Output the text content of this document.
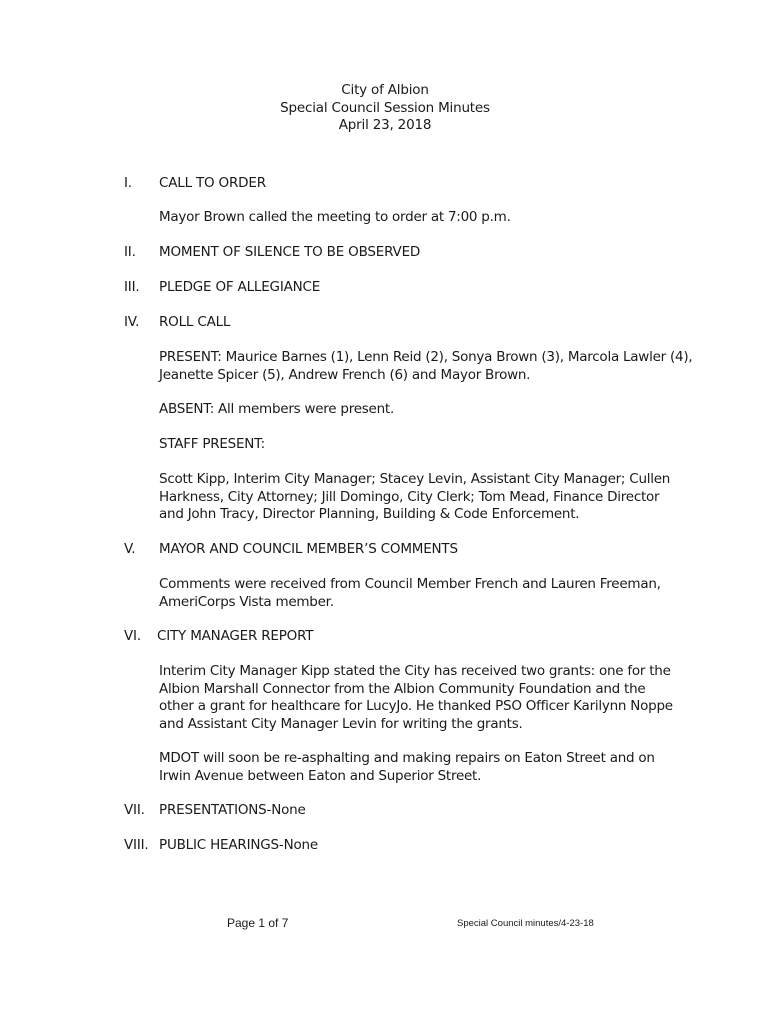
City of Albion
Special Council Session Minutes
April 23, 2018
I. CALL TO ORDER
Mayor Brown called the meeting to order at 7:00 p.m.
II. MOMENT OF SILENCE TO BE OBSERVED
III. PLEDGE OF ALLEGIANCE
IV. ROLL CALL
PRESENT: Maurice Barnes (1), Lenn Reid (2), Sonya Brown (3), Marcola Lawler (4),
Jeanette Spicer (5), Andrew French (6) and Mayor Brown.
ABSENT: All members were present.
STAFF PRESENT:
Scott Kipp, Interim City Manager; Stacey Levin, Assistant City Manager; Cullen
Harkness, City Attorney; Jill Domingo, City Clerk; Tom Mead, Finance Director
and John Tracy, Director Planning, Building & Code Enforcement.
V. MAYOR AND COUNCIL MEMBER’S COMMENTS
Comments were received from Council Member French and Lauren Freeman,
AmeriCorps Vista member.
VI. CITY MANAGER REPORT
Interim City Manager Kipp stated the City has received two grants: one for the
Albion Marshall Connector from the Albion Community Foundation and the
other a grant for healthcare for LucyJo. He thanked PSO Officer Karilynn Noppe
and Assistant City Manager Levin for writing the grants.
MDOT will soon be re-asphalting and making repairs on Eaton Street and on
Irwin Avenue between Eaton and Superior Street.
VII. PRESENTATIONS-None
VIII. PUBLIC HEARINGS-None
Page 1 of 7	Special Council minutes/4-23-18
